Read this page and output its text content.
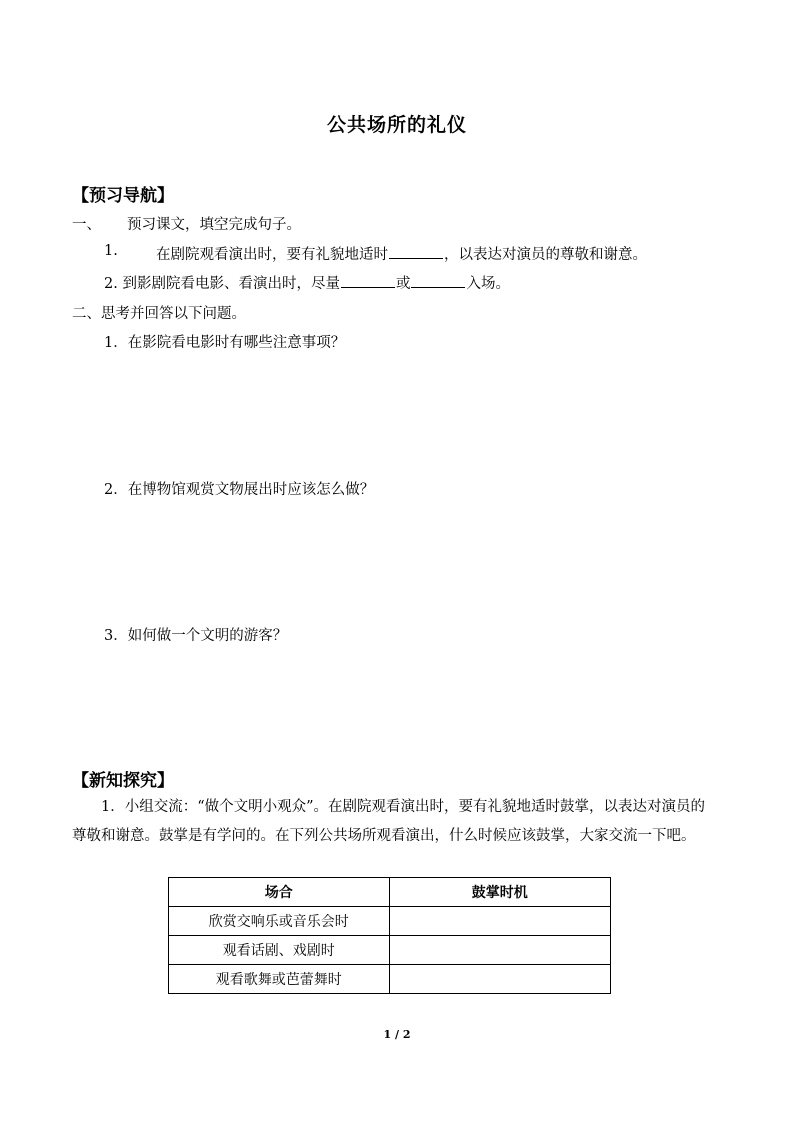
公共场所的礼仪
【预习导航】
一、 预习课文，填空完成句子。
1.	在剧院观看演出时，要有礼貌地适时	，以表达对演员的尊敬和谢意。
2. 到影剧院看电影、看演出时，尽量	或	入场。
二、思考并回答以下问题。
1．在影院看电影时有哪些注意事项？
2．在博物馆观赏文物展出时应该怎么做？
3．如何做一个文明的游客？
【新知探究】
1．小组交流：“做个文明小观众”。在剧院观看演出时，要有礼貌地适时鼓掌，以表达对演员的尊敬和谢意。鼓掌是有学问的。在下列公共场所观看演出，什么时候应该鼓掌，大家交流一下吧。
场合	鼓掌时机
欣赏交响乐或音乐会时	
观看话剧、戏剧时	
观看歌舞或芭蕾舞时	
1 / 2
